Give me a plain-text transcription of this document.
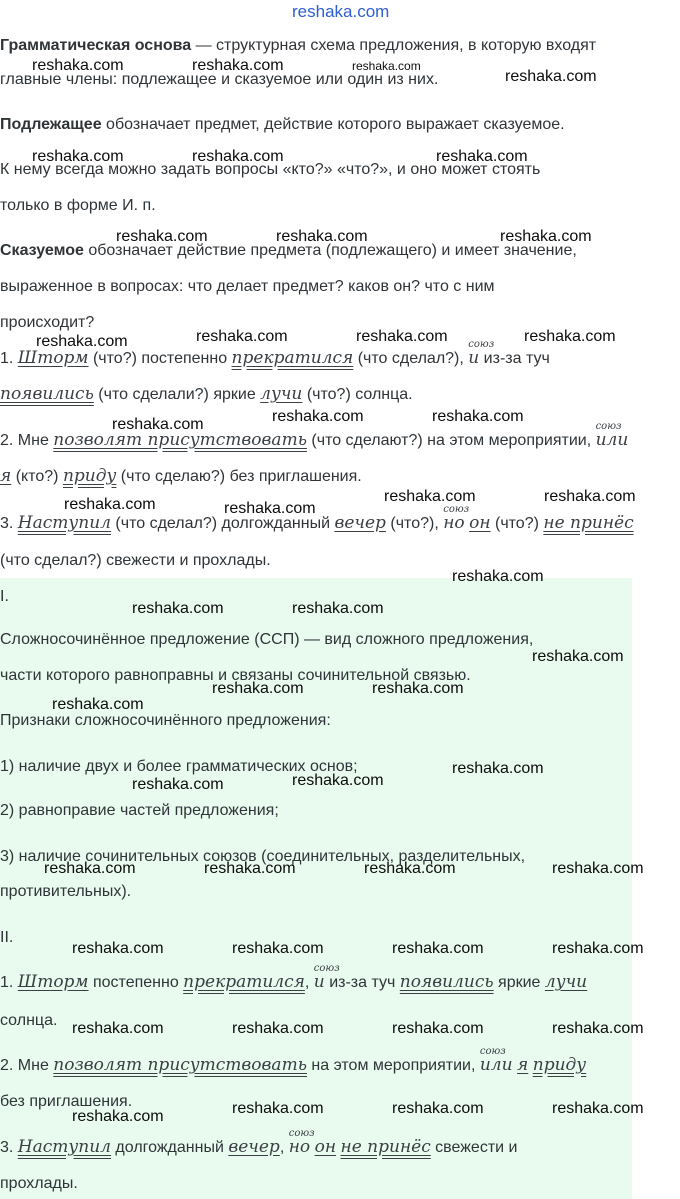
Грамматическая основа — структурная схема предложения, в которую входят
главные члены: подлежащее и сказуемое или один из них.
Подлежащее обозначает предмет, действие которого выражает сказуемое.
К нему всегда можно задать вопросы «кто?» «что?», и оно может стоять
только в форме И. п.
Сказуемое обозначает действие предмета (подлежащего) и имеет значение,
выраженное в вопросах: что делает предмет? каков он? что с ним
происходит?
1. Шторм (что?) постепенно прекратился (что сделал?),
союз
и из-за туч
появились (что сделали?) яркие лучи (что?) солнца.
2. Мне позволят присутствовать (что сделают?) на этом мероприятии,
союз
или
я (кто?) приду (что сделаю?) без приглашения.
3. Наступил (что сделал?) долгожданный вечер (что?),
союз
но он (что?) не принёс
(что сделал?) свежести и прохлады.
I.
Сложносочинённое предложение (ССП) — вид сложного предложения,
части которого равноправны и связаны сочинительной связью.
Признаки сложносочинённого предложения:
1) наличие двух и более грамматических основ;
2) равноправие частей предложения;
3) наличие сочинительных союзов (соединительных, разделительных,
противительных).
II.
1. Шторм постепенно прекратился,
союз
и из-за туч появились яркие лучи
солнца.
2. Мне позволят присутствовать на этом мероприятии,
союз
или я приду
без приглашения.
3. Наступил долгожданный вечер,
союз
но он не принёс свежести и
прохлады.
reshaka.com
reshaka.com	reshaka.com	reshaka.com
reshaka.com
reshaka.com	reshaka.com	reshaka.com
reshaka.com	reshaka.com	reshaka.com
reshaka.com	reshaka.com	reshaka.com
reshaka.com
reshaka.com	reshaka.com	reshaka.com
reshaka.com	reshaka.com
reshaka.com	reshaka.com
reshaka.com
reshaka.com	reshaka.com
reshaka.com
reshaka.com	reshaka.com
reshaka.com
reshaka.com
reshaka.com
reshaka.com
reshaka.com	reshaka.com	reshaka.com	reshaka.com
reshaka.com	reshaka.com	reshaka.com	reshaka.com
reshaka.com	reshaka.com	reshaka.com	reshaka.com
reshaka.com	reshaka.com	reshaka.com	reshaka.com
